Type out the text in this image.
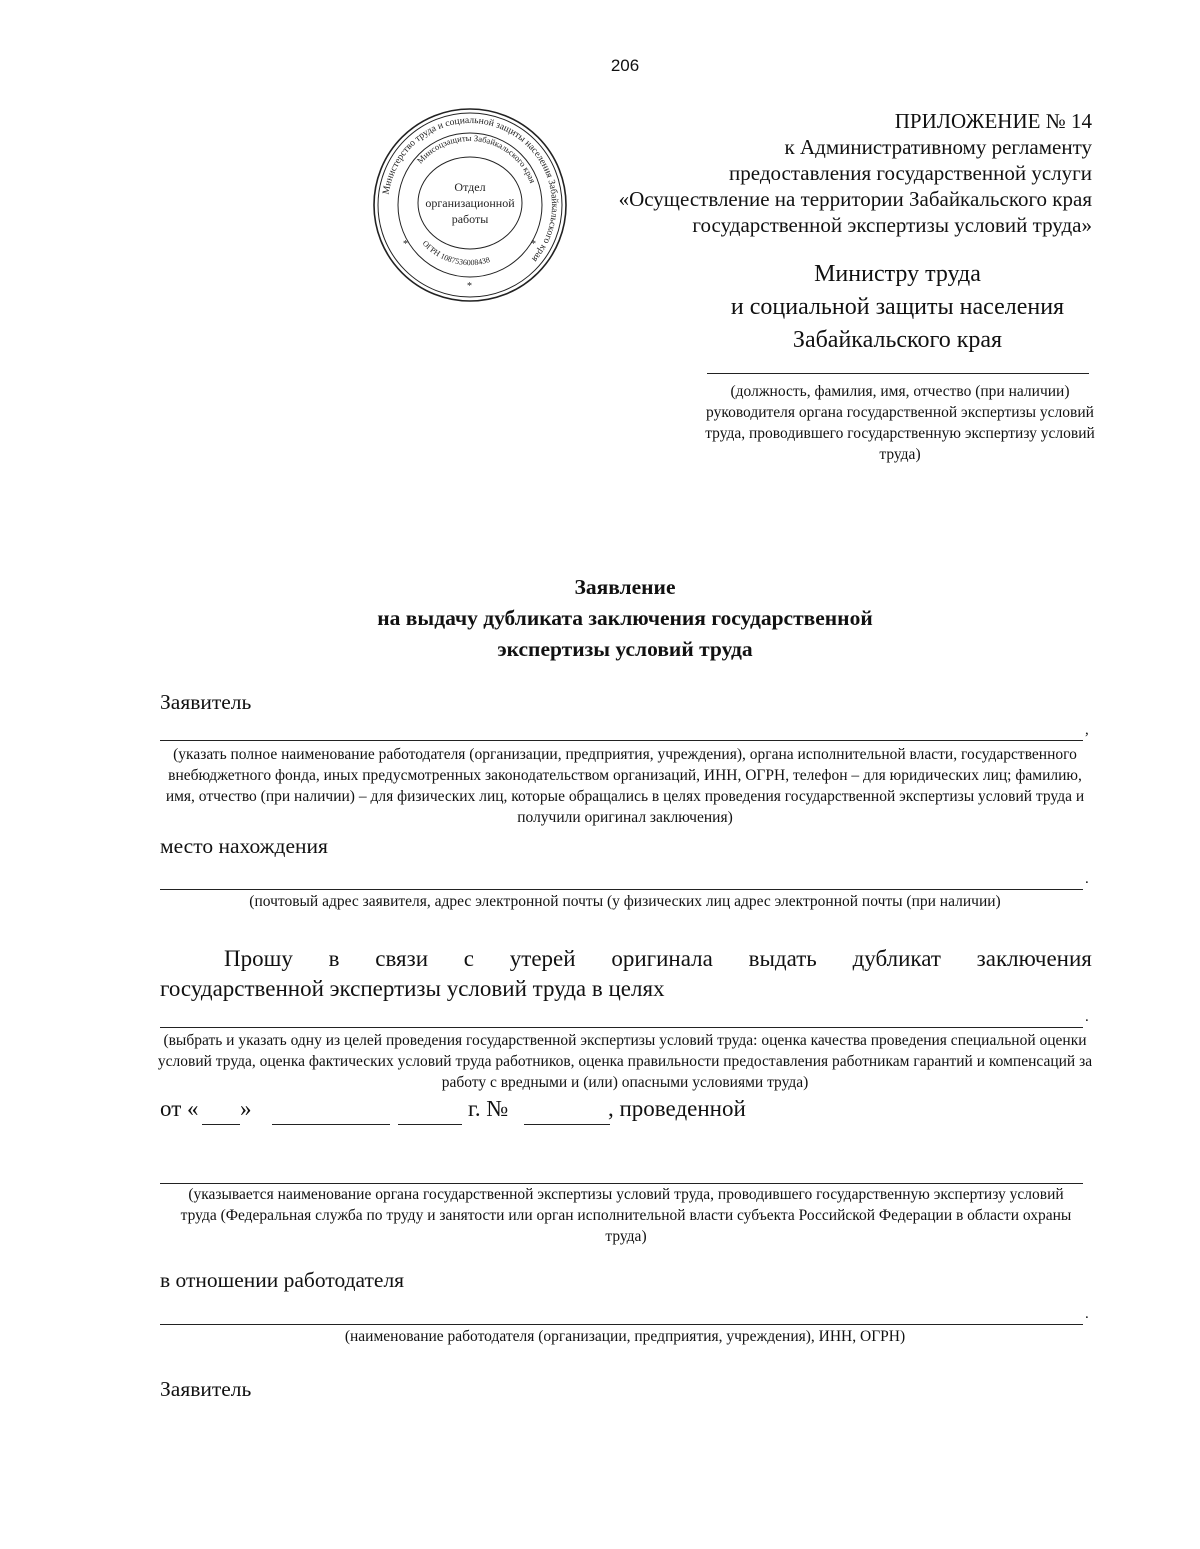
206
Министерство труда и социальной защиты населения Забайкальского края
Минсоцзащиты Забайкальского края
ОГРН 1087536008438
Отдел
организационной
работы
*	*
*
ПРИЛОЖЕНИЕ № 14
к Административному регламенту
предоставления государственной услуги
«Осуществление на территории Забайкальского края
государственной экспертизы условий труда»
Министру труда
и социальной защиты населения
Забайкальского края
(должность, фамилия, имя, отчество (при наличии) руководителя органа государственной экспертизы условий труда, проводившего государственную экспертизу условий труда)
Заявление
на выдачу дубликата заключения государственной
экспертизы условий труда
Заявитель
,
(указать полное наименование работодателя (организации, предприятия, учреждения), органа исполнительной власти, государственного внебюджетного фонда, иных предусмотренных законодательством организаций, ИНН, ОГРН, телефон – для юридических лиц; фамилию, имя, отчество (при наличии) – для физических лиц, которые обращались в целях проведения государственной экспертизы условий труда и получили оригинал заключения)
место нахождения
.
(почтовый адрес заявителя, адрес электронной почты (у физических лиц адрес электронной почты (при наличии)
Прошу в связи с утерей оригинала выдать дубликат заключения
государственной экспертизы условий труда в целях
.
(выбрать и указать одну из целей проведения государственной экспертизы условий труда: оценка качества проведения специальной оценки условий труда, оценка фактических условий труда работников, оценка правильности предоставления работникам гарантий и компенсаций за работу с вредными и (или) опасными условиями труда)
от « »	г. №	, проведенной
(указывается наименование органа государственной экспертизы условий труда, проводившего государственную экспертизу условий труда (Федеральная служба по труду и занятости или орган исполнительной власти субъекта Российской Федерации в области охраны труда)
в отношении работодателя
.
(наименование работодателя (организации, предприятия, учреждения), ИНН, ОГРН)
Заявитель
